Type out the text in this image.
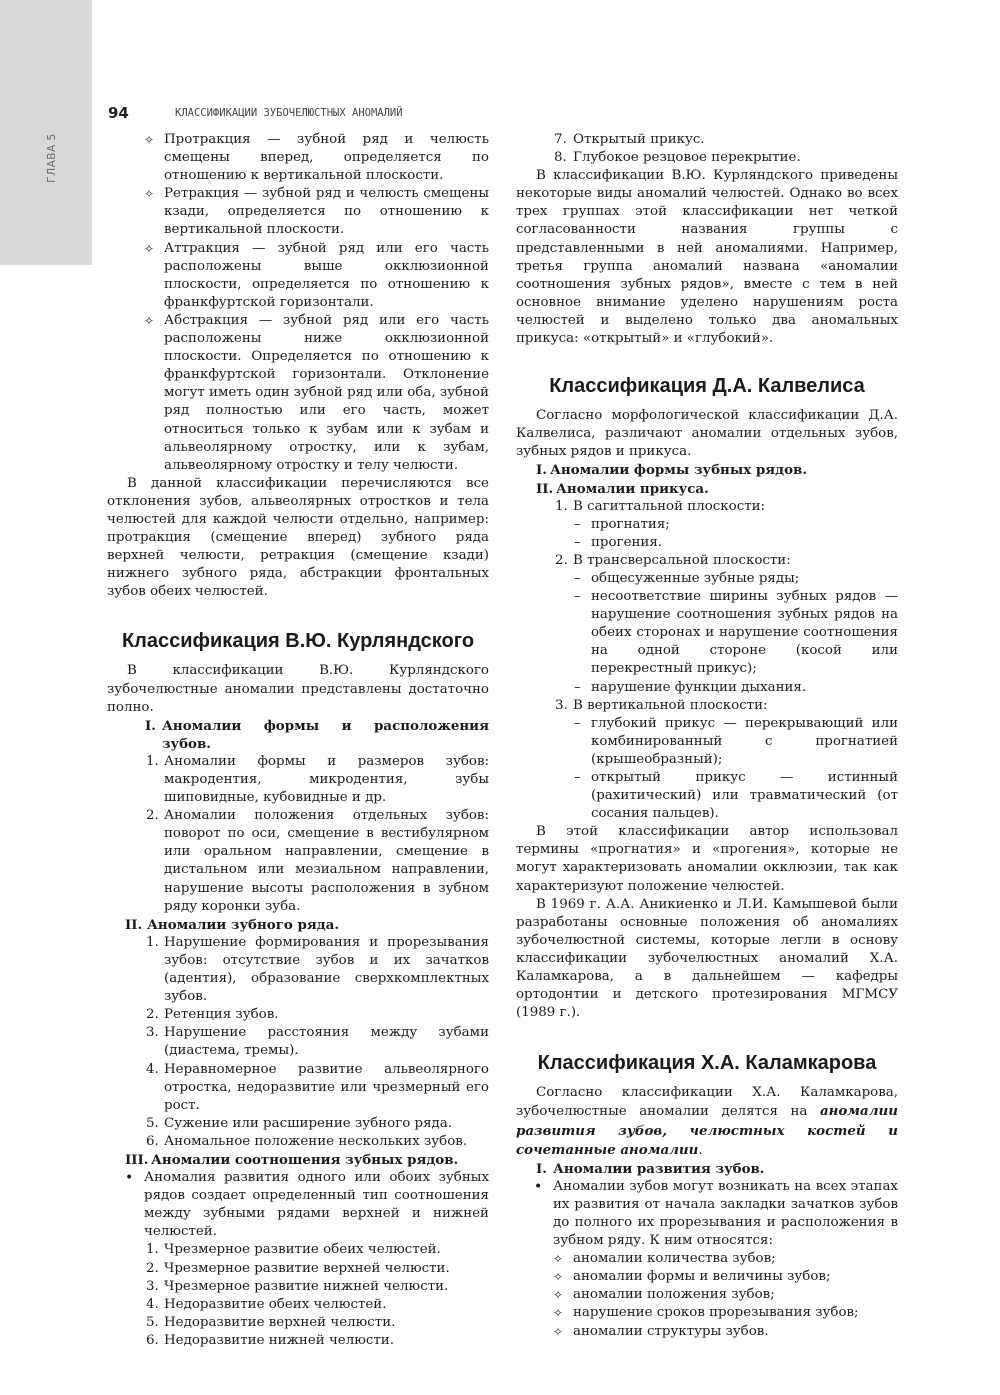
ГЛАВА 5
94	КЛАССИФИКАЦИИ ЗУБОЧЕЛЮСТНЫХ АНОМАЛИЙ

✧ Протракция — зубной ряд и челюсть смещены вперед, определяется по отношению к вертикальной плоскости.

✧ Ретракция — зубной ряд и челюсть смещены кзади, определяется по отношению к вертикальной плоскости.

✧ Аттракция — зубной ряд или его часть расположены выше окклюзионной плоскости, определяется по отношению к франкфуртской горизонтали.

✧ Абстракция — зубной ряд или его часть расположены ниже окклюзионной плоскости. Определяется по отношению к франкфуртской горизонтали. Отклонение могут иметь один зубной ряд или оба, зубной ряд полностью или его часть, может относиться только к зубам или к зубам и альвеолярному отростку, или к зубам, альвеолярному отростку и телу челюсти.

В данной классификации перечисляются все отклонения зубов, альвеолярных отростков и тела челюстей для каждой челюсти отдельно, например: протракция (смещение вперед) зубного ряда верхней челюсти, ретракция (смещение кзади) нижнего зубного ряда, абстракции фронтальных зубов обеих челюстей.

Классификация В.Ю. Курляндского

В классификации В.Ю. Курляндского зубочелюстные аномалии представлены достаточно полно.

I. Аномалии формы и расположения зубов.

1. Аномалии формы и размеров зубов: макродентия, микродентия, зубы шиповидные, кубовидные и др.

2. Аномалии положения отдельных зубов: поворот по оси, смещение в вестибулярном или оральном направлении, смещение в дистальном или мезиальном направлении, нарушение высоты расположения в зубном ряду коронки зуба.

II. Аномалии зубного ряда.

1. Нарушение формирования и прорезывания зубов: отсутствие зубов и их зачатков (адентия), образование сверхкомплектных зубов.

2. Ретенция зубов.

3. Нарушение расстояния между зубами (диастема, тремы).

4. Неравномерное развитие альвеолярного отростка, недоразвитие или чрезмерный его рост.

5. Сужение или расширение зубного ряда.

6. Аномальное положение нескольких зубов.

III. Аномалии соотношения зубных рядов.

• Аномалия развития одного или обоих зубных рядов создает определенный тип соотношения между зубными рядами верхней и нижней челюстей.

1. Чрезмерное развитие обеих челюстей.

2. Чрезмерное развитие верхней челюсти.

3. Чрезмерное развитие нижней челюсти.

4. Недоразвитие обеих челюстей.

5. Недоразвитие верхней челюсти.

6. Недоразвитие нижней челюсти.

7. Открытый прикус.

8. Глубокое резцовое перекрытие.

В классификации В.Ю. Курляндского приведены некоторые виды аномалий челюстей. Однако во всех трех группах этой классификации нет четкой согласованности названия группы с представленными в ней аномалиями. Например, третья группа аномалий названа «аномалии соотношения зубных рядов», вместе с тем в ней основное внимание уделено нарушениям роста челюстей и выделено только два аномальных прикуса: «открытый» и «глубокий».

Классификация Д.А. Калвелиса

Согласно морфологической классификации Д.А. Калвелиса, различают аномалии отдельных зубов, зубных рядов и прикуса.

I. Аномалии формы зубных рядов.

II. Аномалии прикуса.

1. В сагиттальной плоскости:

– прогнатия;

– прогения.

2. В трансверсальной плоскости:

– общесуженные зубные ряды;

– несоответствие ширины зубных рядов — нарушение соотношения зубных рядов на обеих сторонах и нарушение соотношения на одной стороне (косой или перекрестный прикус);

– нарушение функции дыхания.

3. В вертикальной плоскости:

– глубокий прикус — перекрывающий или комбинированный с прогнатией (крышеобразный);

– открытый прикус — истинный (рахитический) или травматический (от сосания пальцев).

В этой классификации автор использовал термины «прогнатия» и «прогения», которые не могут характеризовать аномалии окклюзии, так как характеризуют положение челюстей.

В 1969 г. А.А. Аникиенко и Л.И. Камышевой были разработаны основные положения об аномалиях зубочелюстной системы, которые легли в основу классификации зубочелюстных аномалий Х.А. Каламкарова, а в дальнейшем — кафедры ортодонтии и детского протезирования МГМСУ (1989 г.).

Классификация Х.А. Каламкарова

Согласно классификации Х.А. Каламкарова, зубочелюстные аномалии делятся на аномалии развития зубов, челюстных костей и сочетанные аномалии.

I. Аномалии развития зубов.

• Аномалии зубов могут возникать на всех этапах их развития от начала закладки зачатков зубов до полного их прорезывания и расположения в зубном ряду. К ним относятся:

✧ аномалии количества зубов;

✧ аномалии формы и величины зубов;

✧ аномалии положения зубов;

✧ нарушение сроков прорезывания зубов;

✧ аномалии структуры зубов.
